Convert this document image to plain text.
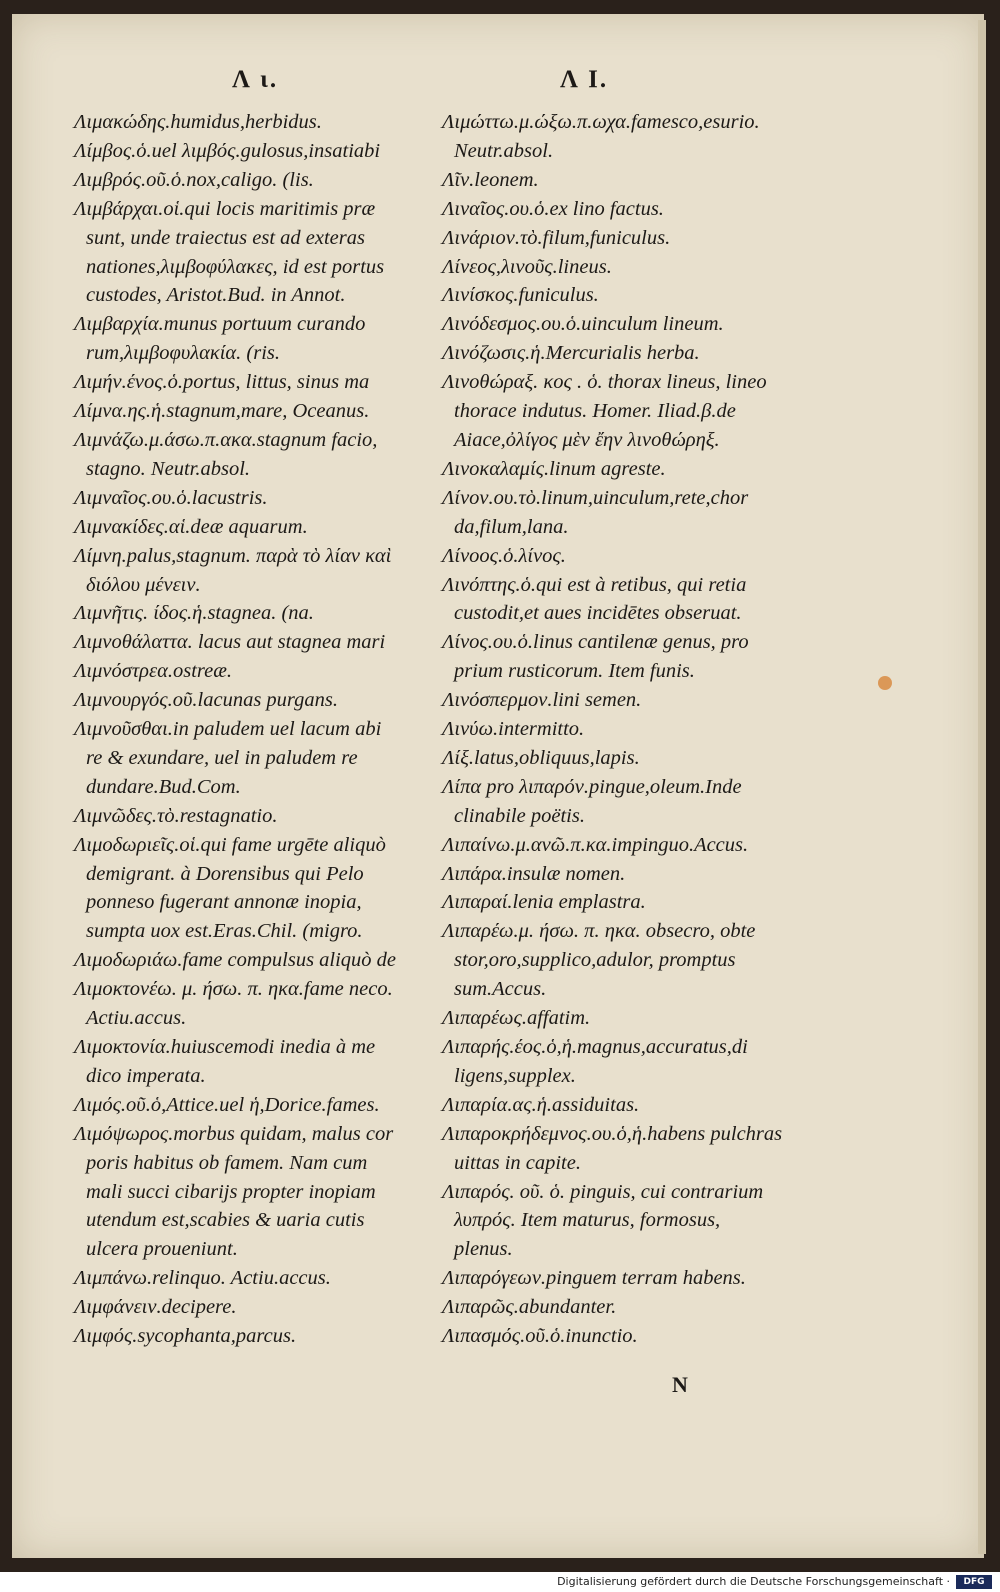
Λ ι.	Λ Ι.
Λιμακώδης.humidus,herbidus.
Λίμβος.ὁ.uel λιμβός.gulosus,insatiabi
Λιμβρός.οῦ.ὁ.nox,caligo. (lis.
Λιμβάρχαι.οἱ.qui locis maritimis præ
sunt, unde traiectus est ad exteras
nationes,λιμβοφύλακες, id est portus
custodes, Aristot.Bud. in Annot.
Λιμβαρχία.munus portuum curando
rum,λιμβοφυλακία. (ris.
Λιμήν.ένος.ὁ.portus, littus, sinus ma
Λίμνα.ης.ἡ.stagnum,mare, Oceanus.
Λιμνάζω.μ.άσω.π.ακα.stagnum facio,
stagno. Neutr.absol.
Λιμναῖος.ου.ὁ.lacustris.
Λιμνακίδες.αἱ.deæ aquarum.
Λίμνη.palus,stagnum. παρὰ τὸ λίαν καὶ
διόλου μένειν.
Λιμνῆτις. ίδος.ἡ.stagnea. (na.
Λιμνοθάλαττα. lacus aut stagnea mari
Λιμνόστρεα.ostreæ.
Λιμνουργός.οῦ.lacunas purgans.
Λιμνοῦσθαι.in paludem uel lacum abi
re & exundare, uel in paludem re
dundare.Bud.Com.
Λιμνῶδες.τὸ.restagnatio.
Λιμοδωριεῖς.οἱ.qui fame urgēte aliquò
demigrant. à Dorensibus qui Pelo
ponneso fugerant annonæ inopia,
sumpta uox est.Eras.Chil. (migro.
Λιμοδωριάω.fame compulsus aliquò de
Λιμοκτονέω. μ. ήσω. π. ηκα.fame neco.
Actiu.accus.
Λιμοκτονία.huiuscemodi inedia à me
dico imperata.
Λιμός.οῦ.ὁ,Attice.uel ἡ,Dorice.fames.
Λιμόψωρος.morbus quidam, malus cor
poris habitus ob famem. Nam cum
mali succi cibarijs propter inopiam
utendum est,scabies & uaria cutis
ulcera proueniunt.
Λιμπάνω.relinquo. Actiu.accus.
Λιμφάνειν.decipere.
Λιμφός.sycophanta,parcus.
Λιμώττω.μ.ώξω.π.ωχα.famesco,esurio.
Neutr.absol.
Λῖν.leonem.
Λιναῖος.ου.ὁ.ex lino factus.
Λινάριον.τὸ.filum,funiculus.
Λίνεος,λινοῦς.lineus.
Λινίσκος.funiculus.
Λινόδεσμος.ου.ὁ.uinculum lineum.
Λινόζωσις.ἡ.Mercurialis herba.
Λινοθώραξ. κος . ὁ. thorax lineus, lineo
thorace indutus. Homer. Iliad.β.de
Aiace,ὀλίγος μὲν ἔην λινοθώρηξ.
Λινοκαλαμίς.linum agreste.
Λίνον.ου.τὸ.linum,uinculum,rete,chor
da,filum,lana.
Λίνοος.ὁ.λίνος.
Λινόπτης.ὁ.qui est à retibus, qui retia
custodit,et aues incidētes obseruat.
Λίνος.ου.ὁ.linus cantilenæ genus, pro
prium rusticorum. Item funis.
Λινόσπερμον.lini semen.
Λινύω.intermitto.
Λίξ.latus,obliquus,lapis.
Λίπα pro λιπαρόν.pingue,oleum.Inde
clinabile poëtis.
Λιπαίνω.μ.ανῶ.π.κα.impinguo.Accus.
Λιπάρα.insulæ nomen.
Λιπαραί.lenia emplastra.
Λιπαρέω.μ. ήσω. π. ηκα. obsecro, obte
stor,oro,supplico,adulor, promptus
sum.Accus.
Λιπαρέως.affatim.
Λιπαρής.έος.ὁ,ἡ.magnus,accuratus,di
ligens,supplex.
Λιπαρία.ας.ἡ.assiduitas.
Λιπαροκρήδεμνος.ου.ὁ,ἡ.habens pulchras
uittas in capite.
Λιπαρός. οῦ. ὁ. pinguis, cui contrarium
λυπρός. Item maturus, formosus,
plenus.
Λιπαρόγεων.pinguem terram habens.
Λιπαρῶς.abundanter.
Λιπασμός.οῦ.ὁ.inunctio.
N
Digitalisierung gefördert durch die Deutsche Forschungsgemeinschaft ·	DFG
